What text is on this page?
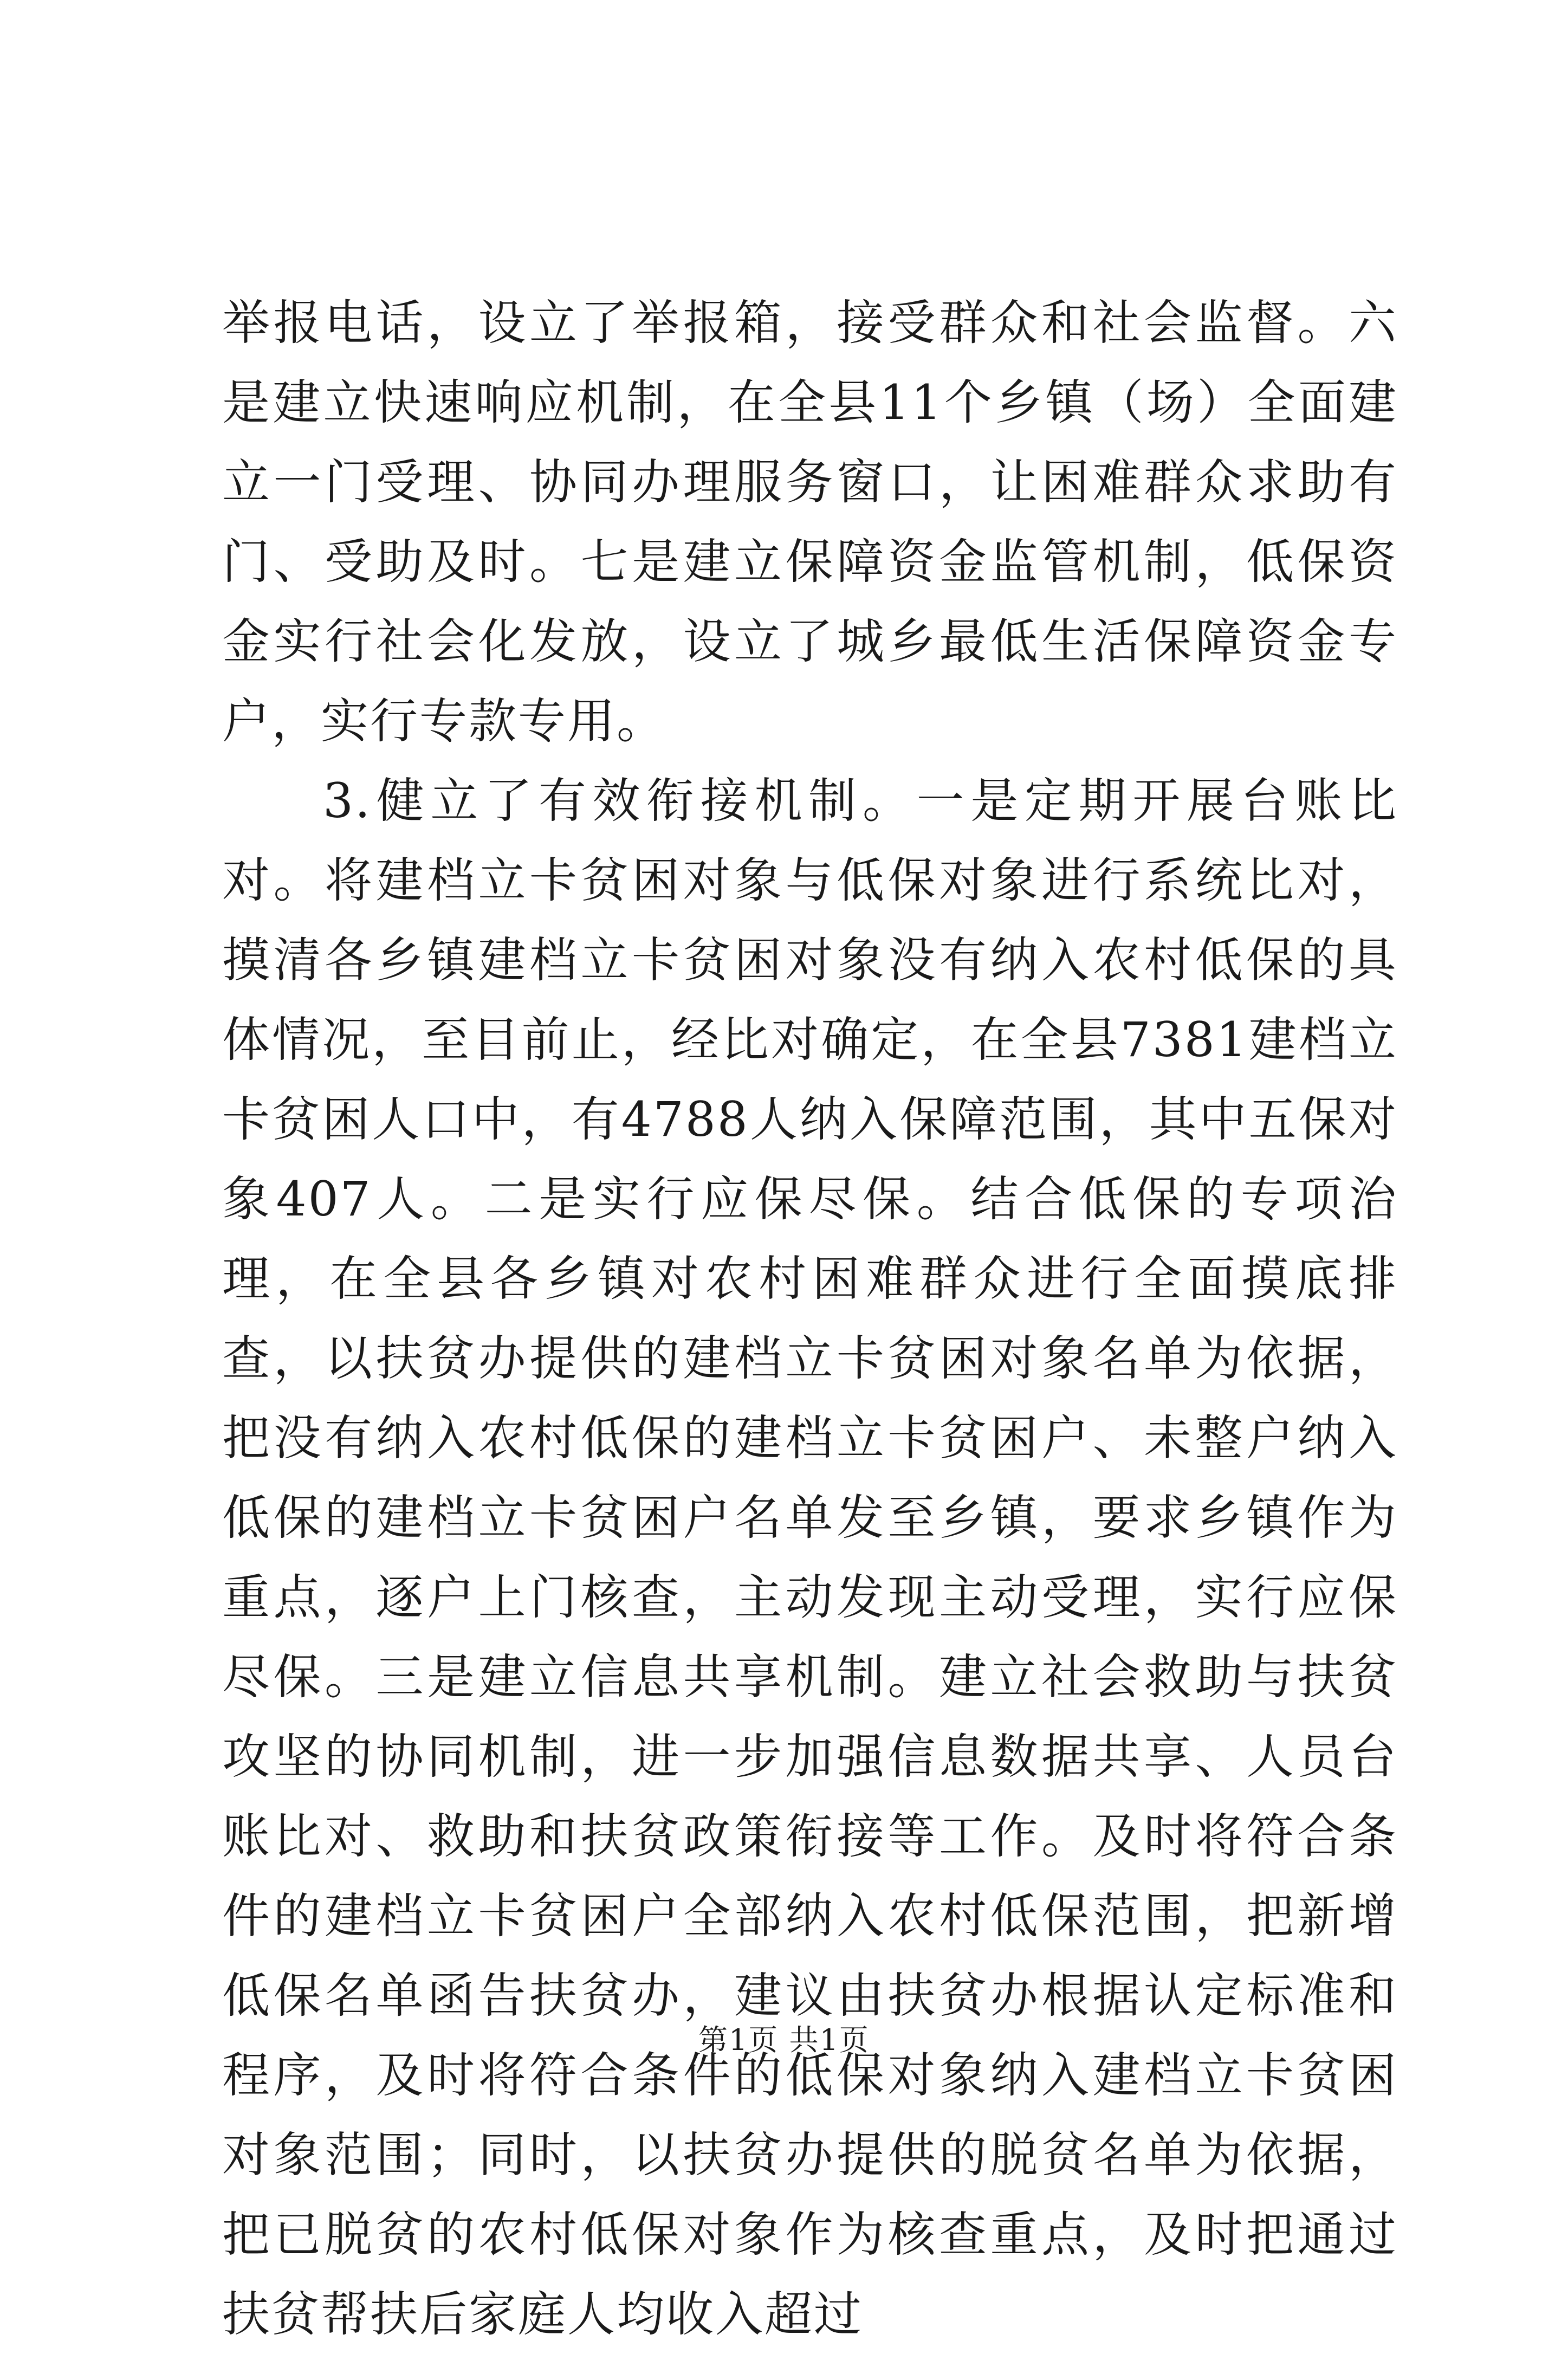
举报电话，设立了举报箱，接受群众和社会监督。六是建立快速响应机制，在全县11个乡镇（场）全面建立一门受理、协同办理服务窗口，让困难群众求助有门、受助及时。七是建立保障资金监管机制，低保资金实行社会化发放，设立了城乡最低生活保障资金专户，实行专款专用。

3.健立了有效衔接机制。一是定期开展台账比对。将建档立卡贫困对象与低保对象进行系统比对，摸清各乡镇建档立卡贫困对象没有纳入农村低保的具体情况，至目前止，经比对确定，在全县7381建档立卡贫困人口中，有4788人纳入保障范围，其中五保对象407人。二是实行应保尽保。结合低保的专项治理，在全县各乡镇对农村困难群众进行全面摸底排查，以扶贫办提供的建档立卡贫困对象名单为依据，把没有纳入农村低保的建档立卡贫困户、未整户纳入低保的建档立卡贫困户名单发至乡镇，要求乡镇作为重点，逐户上门核查，主动发现主动受理，实行应保尽保。三是建立信息共享机制。建立社会救助与扶贫攻坚的协同机制，进一步加强信息数据共享、人员台账比对、救助和扶贫政策衔接等工作。及时将符合条件的建档立卡贫困户全部纳入农村低保范围，把新增低保名单函告扶贫办，建议由扶贫办根据认定标准和程序，及时将符合条件的低保对象纳入建档立卡贫困对象范围；同时，以扶贫办提供的脱贫名单为依据，把已脱贫的农村低保对象作为核查重点，及时把通过扶贫帮扶后家庭人均收入超过

第1页 共1页
